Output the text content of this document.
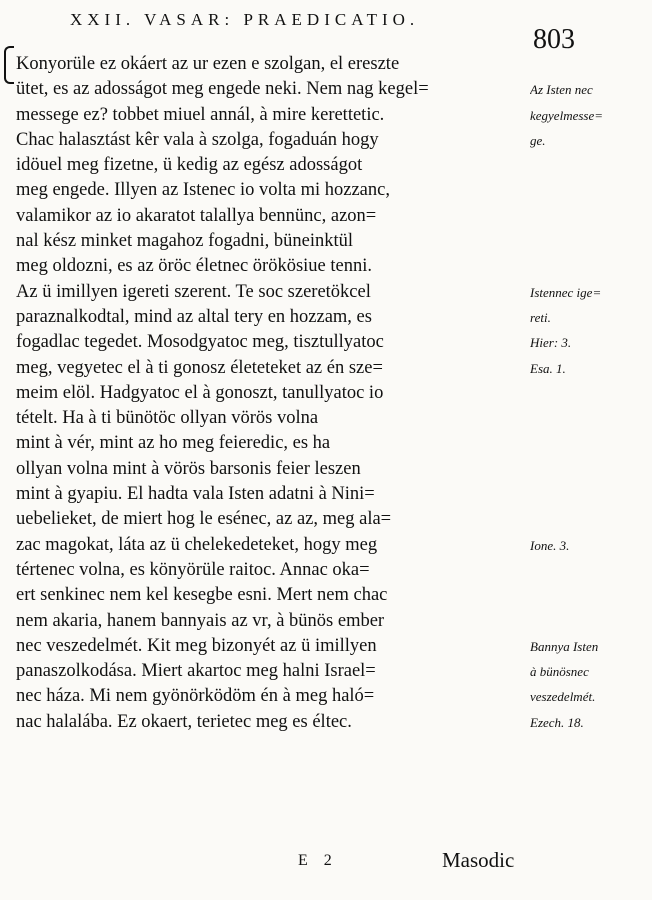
XXII. VASAR: PRAEDICATIO.
803
Konyorüle ez okáert az ur ezen e szolgan, el ereszte
ütet, es az adosságot meg engede neki. Nem nag kegel=
messege ez? tobbet miuel annál, à mire kerettetic.
Chac halasztást kêr vala à szolga, fogaduán hogy
idöuel meg fizetne, ü kedig az egész adosságot
meg engede. Illyen az Istenec io volta mi hozzanc,
valamikor az io akaratot talallya bennünc, azon=
nal kész minket magahoz fogadni, büneinktül
meg oldozni, es az öröc életnec örökösiue tenni.
Az ü imillyen igereti szerent. Te soc szeretökcel
paraznalkodtal, mind az altal tery en hozzam, es
fogadlac tegedet. Mosodgyatoc meg, tisztullyatoc
meg, vegyetec el à ti gonosz életeteket az én sze=
meim elöl. Hadgyatoc el à gonoszt, tanullyatoc io
tételt. Ha à ti bünötöc ollyan vörös volna
mint à vér, mint az ho meg feieredic, es ha
ollyan volna mint à vörös barsonis feier leszen
mint à gyapiu. El hadta vala Isten adatni à Nini=
uebelieket, de miert hog le esénec, az az, meg ala=
zac magokat, láta az ü chelekedeteket, hogy meg
tértenec volna, es könyörüle raitoc. Annac oka=
ert senkinec nem kel kesegbe esni. Mert nem chac
nem akaria, hanem bannyais az vr, à bünös ember
nec veszedelmét. Kit meg bizonyét az ü imillyen
panaszolkodása. Miert akartoc meg halni Israel=
nec háza. Mi nem gyönörködöm én à meg haló=
nac halalába. Ez okaert, terietec meg es éltec.
Az Isten nec
kegyelmesse=
ge.
Istennec ige=
reti.
Hier: 3.
Esa. 1.
Ione. 3.
Bannya Isten
à bünösnec
veszedelmét.
Ezech. 18.
E 2	Masodic
